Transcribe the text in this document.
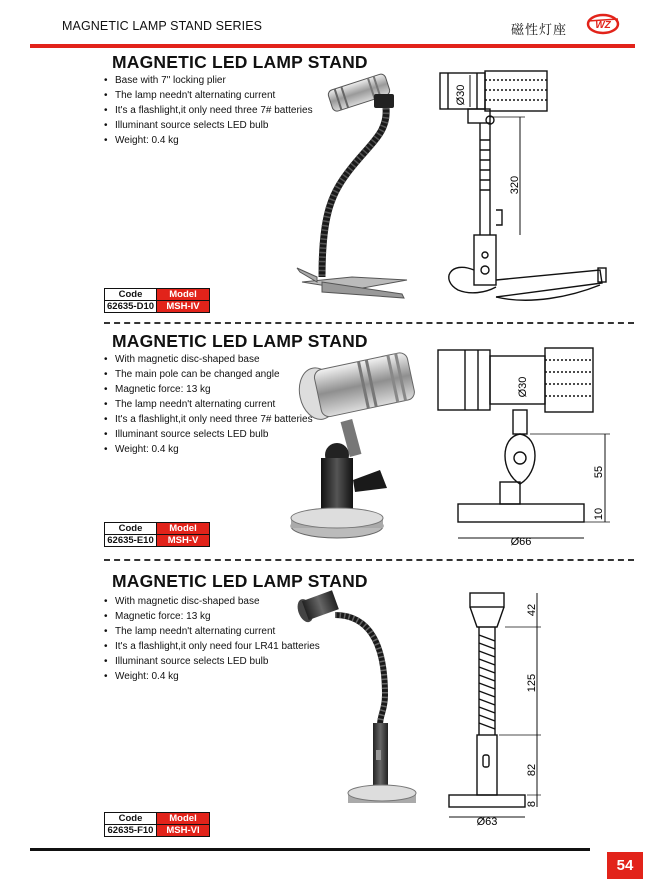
MAGNETIC LAMP STAND SERIES	磁性灯座	WZ
MAGNETIC LED LAMP STAND
• Base with 7" locking plier
• The lamp needn't alternating current
• It's a flashlight,it only need three 7# batteries
• Illuminant source selects LED bulb
• Weight: 0.4 kg
Code	Model
62635-D10	MSH-IV
Ø30
320
MAGNETIC LED LAMP STAND
• With magnetic disc-shaped base
• The main pole can be changed angle
• Magnetic force: 13 kg
• The lamp needn't alternating current
• It's a flashlight,it only need three 7# batteries
• Illuminant source selects LED bulb
• Weight: 0.4 kg
Code	Model
62635-E10	MSH-V
Ø30
55
10
Ø66
MAGNETIC LED LAMP STAND
• With magnetic disc-shaped base
• Magnetic force: 13 kg
• The lamp needn't alternating current
• It's a flashlight,it only need four LR41 batteries
• Illuminant source selects LED bulb
• Weight: 0.4 kg
Code	Model
62635-F10	MSH-VI
42
125
82
8
Ø63
54
